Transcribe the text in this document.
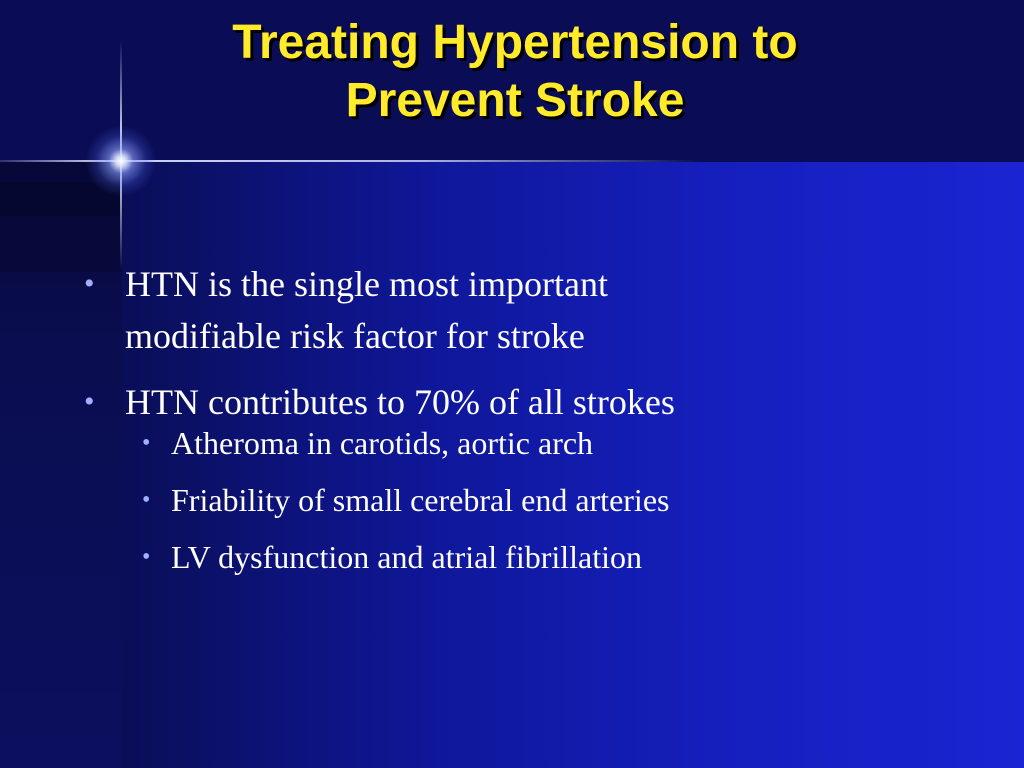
Treating Hypertension to
Prevent Stroke
• HTN is the single most important
modifiable risk factor for stroke
• HTN contributes to 70% of all strokes
• Atheroma in carotids, aortic arch
• Friability of small cerebral end arteries
• LV dysfunction and atrial fibrillation
